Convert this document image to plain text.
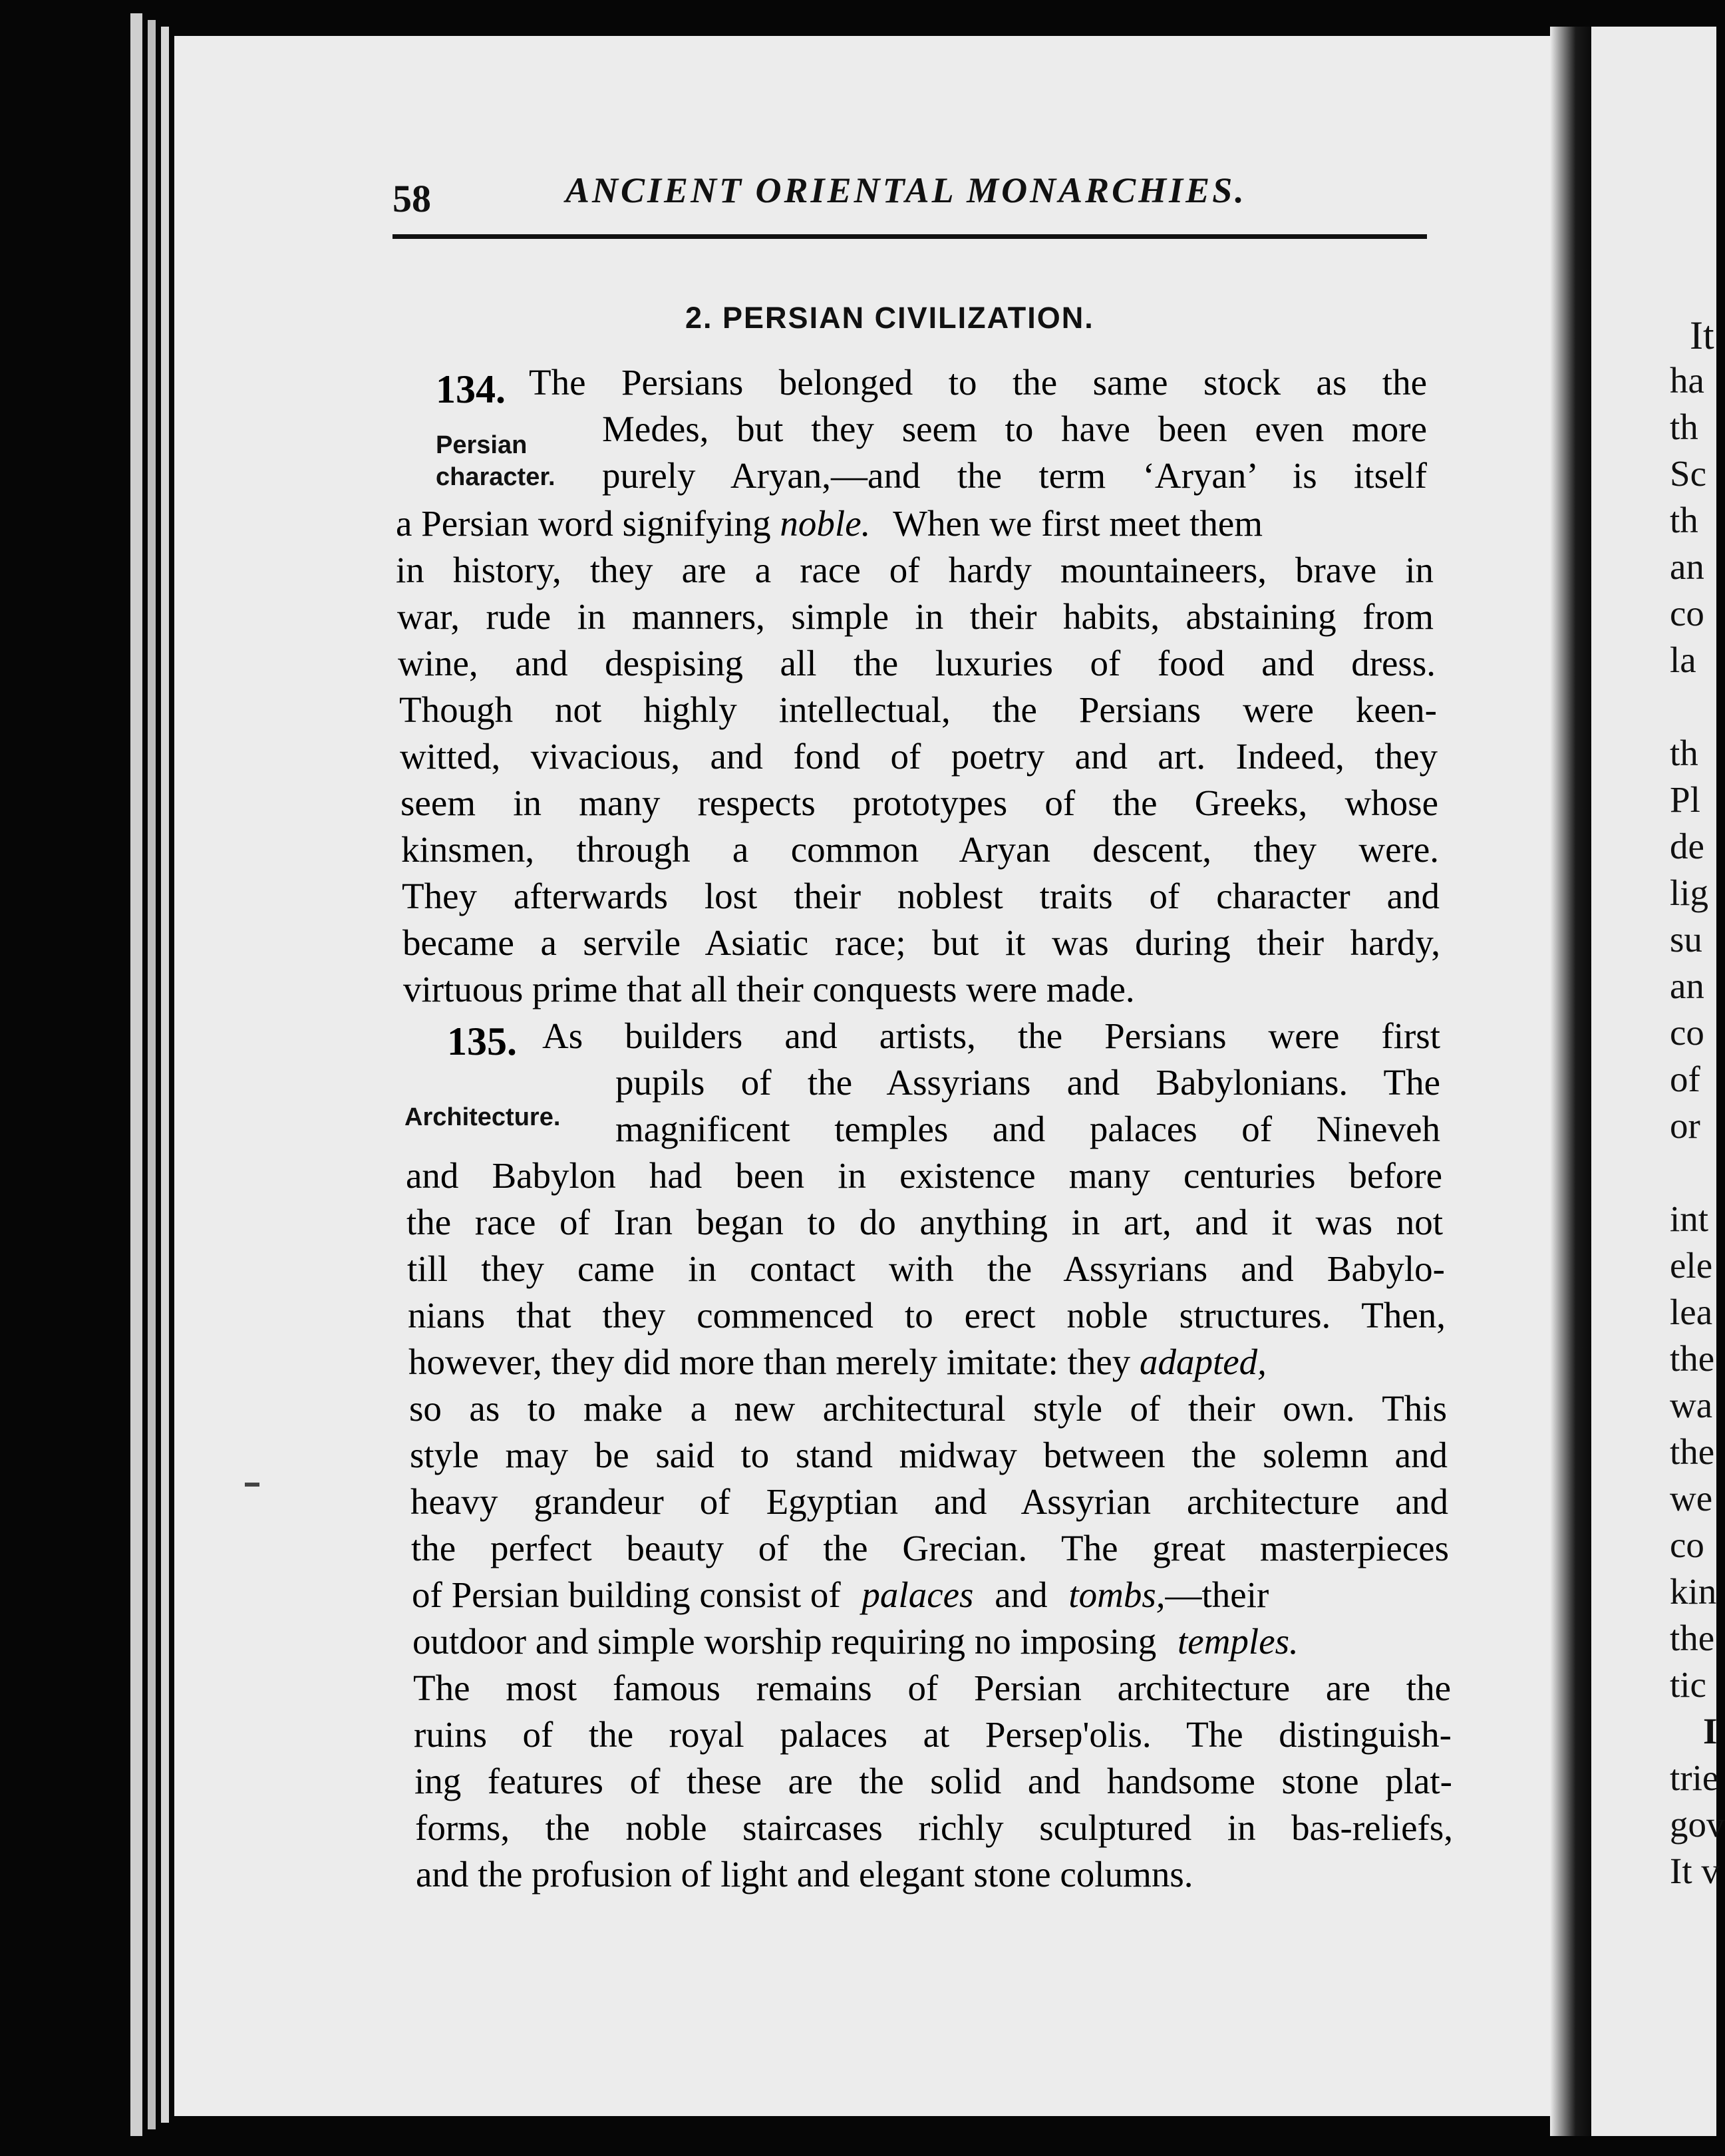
58	ANCIENT ORIENTAL MONARCHIES.
2. PERSIAN CIVILIZATION.
134.
Persian
character.
The Persians belonged to the same stock as the
Medes, but they seem to have been even more
purely Aryan,—and the term ‘Aryan’ is itself
a Persian word signifying noble. When we first meet them
in history, they are a race of hardy mountaineers, brave in
war, rude in manners, simple in their habits, abstaining from
wine, and despising all the luxuries of food and dress.
Though not highly intellectual, the Persians were keen-
witted, vivacious, and fond of poetry and art. Indeed, they
seem in many respects prototypes of the Greeks, whose
kinsmen, through a common Aryan descent, they were.
They afterwards lost their noblest traits of character and
became a servile Asiatic race; but it was during their hardy,
virtuous prime that all their conquests were made.
135.
Architecture.
As builders and artists, the Persians were first
pupils of the Assyrians and Babylonians. The
magnificent temples and palaces of Nineveh
and Babylon had been in existence many centuries before
the race of Iran began to do anything in art, and it was not
till they came in contact with the Assyrians and Babylo-
nians that they commenced to erect noble structures. Then,
however, they did more than merely imitate: they adapted,
so as to make a new architectural style of their own. This
style may be said to stand midway between the solemn and
heavy grandeur of Egyptian and Assyrian architecture and
the perfect beauty of the Grecian. The great masterpieces
of Persian building consist of palaces and tombs,—their
outdoor and simple worship requiring no imposing temples.
The most famous remains of Persian architecture are the
ruins of the royal palaces at Persep'olis. The distinguish-
ing features of these are the solid and handsome stone plat-
forms, the noble staircases richly sculptured in bas-reliefs,
and the profusion of light and elegant stone columns.
It
ha
th
Sc
th
an
co
la
th
Pl
de
lig
su
an
co
of
or
int
ele
lea
the
wa
the
we
co
kin
the
tic
I
trie
gov
It v
